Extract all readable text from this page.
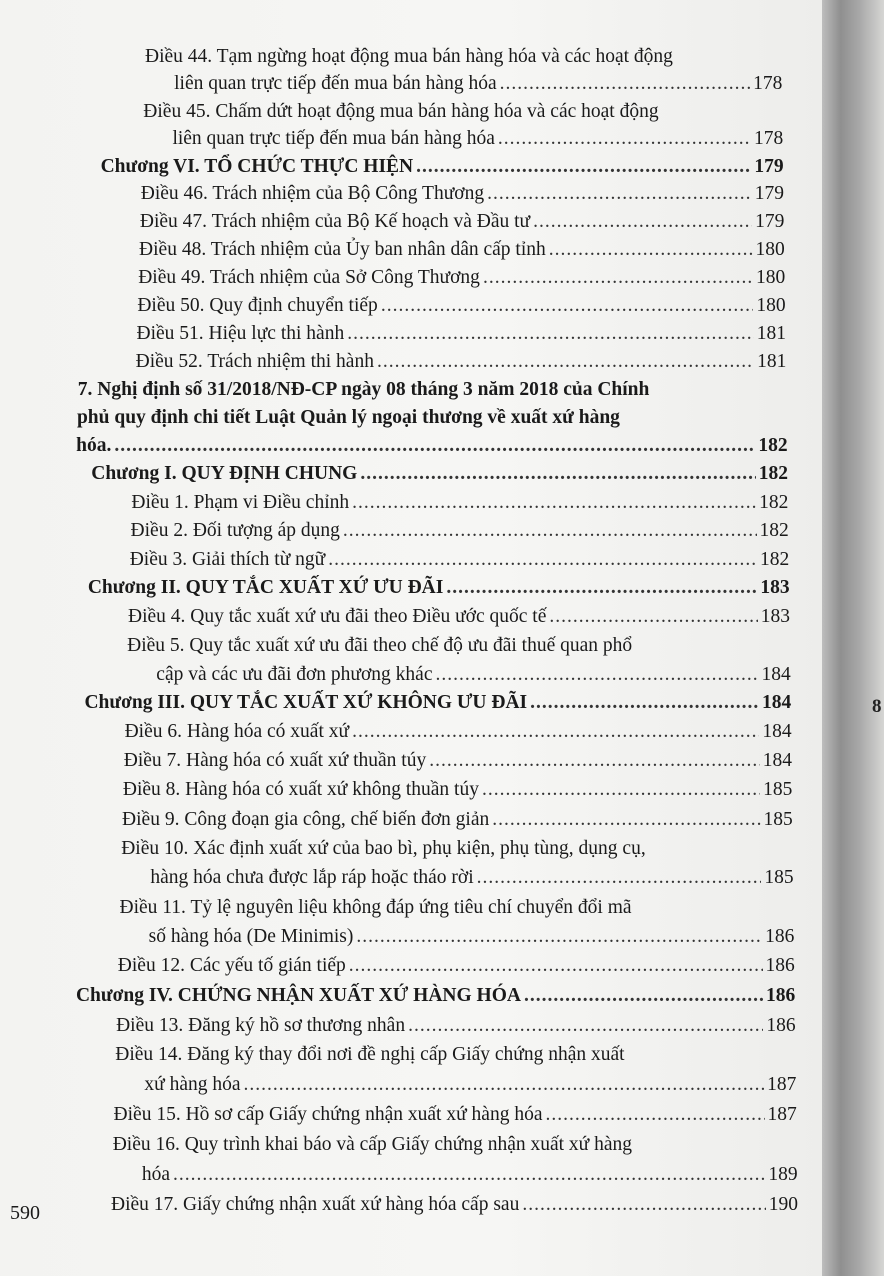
Điều 44. Tạm ngừng hoạt động mua bán hàng hóa và các hoạt động
liên quan trực tiếp đến mua bán hàng hóa .....	178
Điều 45. Chấm dứt hoạt động mua bán hàng hóa và các hoạt động
liên quan trực tiếp đến mua bán hàng hóa .....	178
Chương VI. TỔ CHỨC THỰC HIỆN .....	179
Điều 46. Trách nhiệm của Bộ Công Thương .....	179
Điều 47. Trách nhiệm của Bộ Kế hoạch và Đầu tư .....	179
Điều 48. Trách nhiệm của Ủy ban nhân dân cấp tỉnh .....	180
Điều 49. Trách nhiệm của Sở Công Thương .....	180
Điều 50. Quy định chuyển tiếp .....	180
Điều 51. Hiệu lực thi hành .....	181
Điều 52. Trách nhiệm thi hành .....	181
7. Nghị định số 31/2018/NĐ-CP ngày 08 tháng 3 năm 2018 của Chính
phủ quy định chi tiết Luật Quản lý ngoại thương về xuất xứ hàng
hóa. .....	182
Chương I. QUY ĐỊNH CHUNG .....	182
Điều 1. Phạm vi Điều chỉnh .....	182
Điều 2. Đối tượng áp dụng .....	182
Điều 3. Giải thích từ ngữ .....	182
Chương II. QUY TẮC XUẤT XỨ ƯU ĐÃI .....	183
Điều 4. Quy tắc xuất xứ ưu đãi theo Điều ước quốc tế .....	183
Điều 5. Quy tắc xuất xứ ưu đãi theo chế độ ưu đãi thuế quan phổ
cập và các ưu đãi đơn phương khác .....	184
Chương III. QUY TẮC XUẤT XỨ KHÔNG ƯU ĐÃI .....	184
Điều 6. Hàng hóa có xuất xứ .....	184
Điều 7. Hàng hóa có xuất xứ thuần túy .....	184
Điều 8. Hàng hóa có xuất xứ không thuần túy .....	185
Điều 9. Công đoạn gia công, chế biến đơn giản .....	185
Điều 10. Xác định xuất xứ của bao bì, phụ kiện, phụ tùng, dụng cụ,
hàng hóa chưa được lắp ráp hoặc tháo rời .....	185
Điều 11. Tỷ lệ nguyên liệu không đáp ứng tiêu chí chuyển đổi mã
số hàng hóa (De Minimis) .....	186
Điều 12. Các yếu tố gián tiếp .....	186
Chương IV. CHỨNG NHẬN XUẤT XỨ HÀNG HÓA .....	186
Điều 13. Đăng ký hồ sơ thương nhân .....	186
Điều 14. Đăng ký thay đổi nơi đề nghị cấp Giấy chứng nhận xuất
xứ hàng hóa .....	187
Điều 15. Hồ sơ cấp Giấy chứng nhận xuất xứ hàng hóa .....	187
Điều 16. Quy trình khai báo và cấp Giấy chứng nhận xuất xứ hàng
hóa .....	189
Điều 17. Giấy chứng nhận xuất xứ hàng hóa cấp sau .....	190
590
8
